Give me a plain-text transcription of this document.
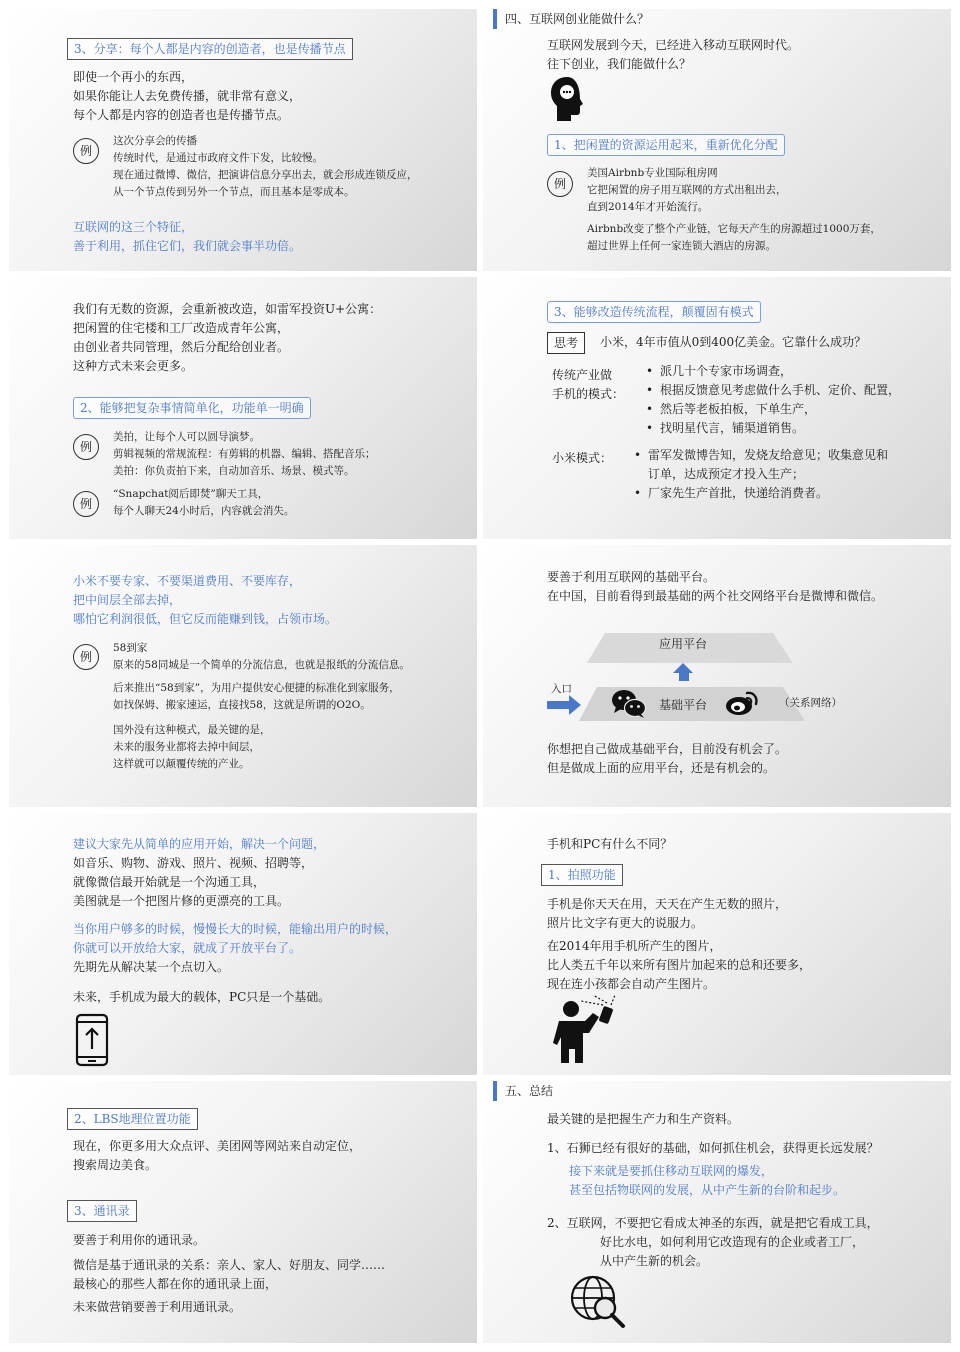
3、分享：每个人都是内容的创造者，也是传播节点
即使一个再小的东西，
如果你能让人去免费传播，就非常有意义，
每个人都是内容的创造者也是传播节点。
例
这次分享会的传播
传统时代，是通过市政府文件下发，比较慢。
现在通过微博、微信，把演讲信息分享出去，就会形成连锁反应，
从一个节点传到另外一个节点，而且基本是零成本。
互联网的这三个特征，
善于利用，抓住它们，我们就会事半功倍。
四、互联网创业能做什么？
互联网发展到今天，已经进入移动互联网时代。
往下创业，我们能做什么？
1、把闲置的资源运用起来，重新优化分配
例
美国Airbnb专业国际租房网
它把闲置的房子用互联网的方式出租出去，
直到2014年才开始流行。
Airbnb改变了整个产业链，它每天产生的房源超过1000万套，
超过世界上任何一家连锁大酒店的房源。
我们有无数的资源，会重新被改造，如雷军投资U+公寓：
把闲置的住宅楼和工厂改造成青年公寓，
由创业者共同管理，然后分配给创业者。
这种方式未来会更多。
2、能够把复杂事情简单化，功能单一明确
例
美拍，让每个人可以圆导演梦。
剪辑视频的常规流程：有剪辑的机器、编辑、搭配音乐；
美拍：你负责拍下来，自动加音乐、场景、模式等。
例
“Snapchat阅后即焚”聊天工具，
每个人聊天24小时后，内容就会消失。
3、能够改造传统流程，颠覆固有模式
思考	小米，4年市值从0到400亿美金。它靠什么成功？
传统产业做
手机的模式：
• 派几十个专家市场调查，
• 根据反馈意见考虑做什么手机、定价、配置，
• 然后等老板拍板，下单生产，
• 找明星代言，铺渠道销售。
小米模式：
•	雷军发微博告知，发烧友给意见；收集意见和
订单，达成预定才投入生产；
• 厂家先生产首批，快递给消费者。
小米不要专家、不要渠道费用、不要库存，
把中间层全部去掉，
哪怕它利润很低，但它反而能赚到钱，占领市场。
例
58到家
原来的58同城是一个简单的分流信息，也就是报纸的分流信息。
后来推出“58到家”，为用户提供安心便捷的标准化到家服务，
如找保姆、搬家速运，直接找58，这就是所谓的O2O。
国外没有这种模式，最关键的是，
未来的服务业都将去掉中间层，
这样就可以颠覆传统的产业。
要善于利用互联网的基础平台。
在中国，目前看得到最基础的两个社交网络平台是微博和微信。
应用平台
基础平台
入口
（关系网络）
你想把自己做成基础平台，目前没有机会了。
但是做成上面的应用平台，还是有机会的。
建议大家先从简单的应用开始，解决一个问题，
如音乐、购物、游戏、照片、视频、招聘等，
就像微信最开始就是一个沟通工具，
美图就是一个把图片修的更漂亮的工具。
当你用户够多的时候，慢慢长大的时候，能输出用户的时候，
你就可以开放给大家，就成了开放平台了。
先期先从解决某一个点切入。
未来，手机成为最大的载体，PC只是一个基础。
手机和PC有什么不同？
1、拍照功能
手机是你天天在用，天天在产生无数的照片，
照片比文字有更大的说服力。
在2014年用手机所产生的图片，
比人类五千年以来所有图片加起来的总和还要多，
现在连小孩都会自动产生图片。
2、LBS地理位置功能
现在，你更多用大众点评、美团网等网站来自动定位，
搜索周边美食。
3、通讯录
要善于利用你的通讯录。
微信是基于通讯录的关系：亲人、家人、好朋友、同学……
最核心的那些人都在你的通讯录上面，
未来做营销要善于利用通讯录。
五、总结
最关键的是把握生产力和生产资料。
1、石狮已经有很好的基础，如何抓住机会，获得更长远发展？
接下来就是要抓住移动互联网的爆发，
甚至包括物联网的发展，从中产生新的台阶和起步。
2、互联网，不要把它看成太神圣的东西，就是把它看成工具，
好比水电，如何利用它改造现有的企业或者工厂，
从中产生新的机会。
